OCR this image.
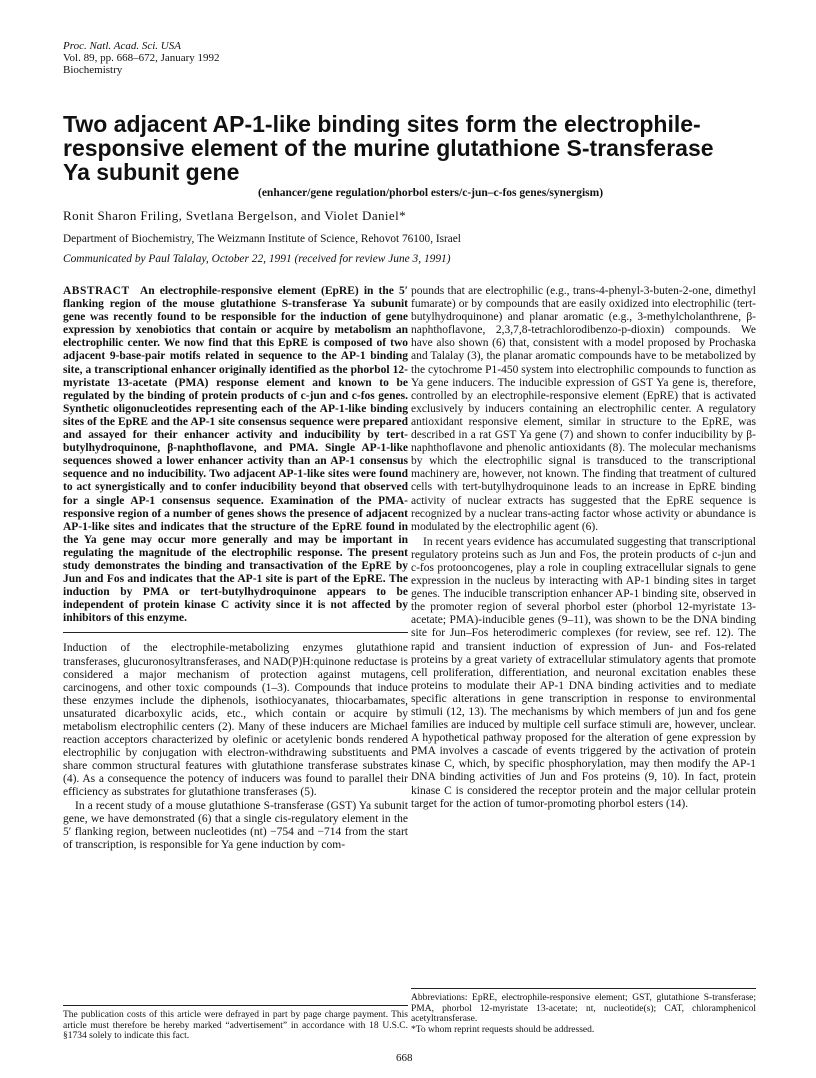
Proc. Natl. Acad. Sci. USA
Vol. 89, pp. 668–672, January 1992
Biochemistry
Two adjacent AP-1-like binding sites form the electrophile-responsive element of the murine glutathione S-transferase Ya subunit gene
(enhancer/gene regulation/phorbol esters/c-jun–c-fos genes/synergism)
Ronit Sharon Friling, Svetlana Bergelson, and Violet Daniel*
Department of Biochemistry, The Weizmann Institute of Science, Rehovot 76100, Israel
Communicated by Paul Talalay, October 22, 1991 (received for review June 3, 1991)

ABSTRACT An electrophile-responsive element (EpRE) in the 5′ flanking region of the mouse glutathione S-transferase Ya subunit gene was recently found to be responsible for the induction of gene expression by xenobiotics that contain or acquire by metabolism an electrophilic center. We now find that this EpRE is composed of two adjacent 9-base-pair motifs related in sequence to the AP-1 binding site, a transcriptional enhancer originally identified as the phorbol 12-myristate 13-acetate (PMA) response element and known to be regulated by the binding of protein products of c-jun and c-fos genes. Synthetic oligonucleotides representing each of the AP-1-like binding sites of the EpRE and the AP-1 site consensus sequence were prepared and assayed for their enhancer activity and inducibility by tert-butylhydroquinone, β-naphthoflavone, and PMA. Single AP-1-like sequences showed a lower enhancer activity than an AP-1 consensus sequence and no inducibility. Two adjacent AP-1-like sites were found to act synergistically and to confer inducibility beyond that observed for a single AP-1 consensus sequence. Examination of the PMA-responsive region of a number of genes shows the presence of adjacent AP-1-like sites and indicates that the structure of the EpRE found in the Ya gene may occur more generally and may be important in regulating the magnitude of the electrophilic response. The present study demonstrates the binding and transactivation of the EpRE by Jun and Fos and indicates that the AP-1 site is part of the EpRE. The induction by PMA or tert-butylhydroquinone appears to be independent of protein kinase C activity since it is not affected by inhibitors of this enzyme.

Induction of the electrophile-metabolizing enzymes glutathione transferases, glucuronosyltransferases, and NAD(P)H:quinone reductase is considered a major mechanism of protection against mutagens, carcinogens, and other toxic compounds (1–3). Compounds that induce these enzymes include the diphenols, isothiocyanates, thiocarbamates, unsaturated dicarboxylic acids, etc., which contain or acquire by metabolism electrophilic centers (2). Many of these inducers are Michael reaction acceptors characterized by olefinic or acetylenic bonds rendered electrophilic by conjugation with electron-withdrawing substituents and share common structural features with glutathione transferase substrates (4). As a consequence the potency of inducers was found to parallel their efficiency as substrates for glutathione transferases (5).

In a recent study of a mouse glutathione S-transferase (GST) Ya subunit gene, we have demonstrated (6) that a single cis-regulatory element in the 5′ flanking region, between nucleotides (nt) −754 and −714 from the start of transcription, is responsible for Ya gene induction by com-

pounds that are electrophilic (e.g., trans-4-phenyl-3-buten-2-one, dimethyl fumarate) or by compounds that are easily oxidized into electrophilic (tert-butylhydroquinone) and planar aromatic (e.g., 3-methylcholanthrene, β-naphthoflavone, 2,3,7,8-tetrachlorodibenzo-p-dioxin) compounds. We have also shown (6) that, consistent with a model proposed by Prochaska and Talalay (3), the planar aromatic compounds have to be metabolized by the cytochrome P1-450 system into electrophilic compounds to function as Ya gene inducers. The inducible expression of GST Ya gene is, therefore, controlled by an electrophile-responsive element (EpRE) that is activated exclusively by inducers containing an electrophilic center. A regulatory antioxidant responsive element, similar in structure to the EpRE, was described in a rat GST Ya gene (7) and shown to confer inducibility by β-naphthoflavone and phenolic antioxidants (8). The molecular mechanisms by which the electrophilic signal is transduced to the transcriptional machinery are, however, not known. The finding that treatment of cultured cells with tert-butylhydroquinone leads to an increase in EpRE binding activity of nuclear extracts has suggested that the EpRE sequence is recognized by a nuclear trans-acting factor whose activity or abundance is modulated by the electrophilic agent (6).

In recent years evidence has accumulated suggesting that transcriptional regulatory proteins such as Jun and Fos, the protein products of c-jun and c-fos protooncogenes, play a role in coupling extracellular signals to gene expression in the nucleus by interacting with AP-1 binding sites in target genes. The inducible transcription enhancer AP-1 binding site, observed in the promoter region of several phorbol ester (phorbol 12-myristate 13-acetate; PMA)-inducible genes (9–11), was shown to be the DNA binding site for Jun–Fos heterodimeric complexes (for review, see ref. 12). The rapid and transient induction of expression of Jun- and Fos-related proteins by a great variety of extracellular stimulatory agents that promote cell proliferation, differentiation, and neuronal excitation enables these proteins to modulate their AP-1 DNA binding activities and to mediate specific alterations in gene transcription in response to environmental stimuli (12, 13). The mechanisms by which members of jun and fos gene families are induced by multiple cell surface stimuli are, however, unclear. A hypothetical pathway proposed for the alteration of gene expression by PMA involves a cascade of events triggered by the activation of protein kinase C, which, by specific phosphorylation, may then modify the AP-1 DNA binding activities of Jun and Fos proteins (9, 10). In fact, protein kinase C is considered the receptor protein and the major cellular protein target for the action of tumor-promoting phorbol esters (14).

The publication costs of this article were defrayed in part by page charge payment. This article must therefore be hereby marked “advertisement” in accordance with 18 U.S.C. §1734 solely to indicate this fact.
Abbreviations: EpRE, electrophile-responsive element; GST, glutathione S-transferase; PMA, phorbol 12-myristate 13-acetate; nt, nucleotide(s); CAT, chloramphenicol acetyltransferase.
*To whom reprint requests should be addressed.
668
